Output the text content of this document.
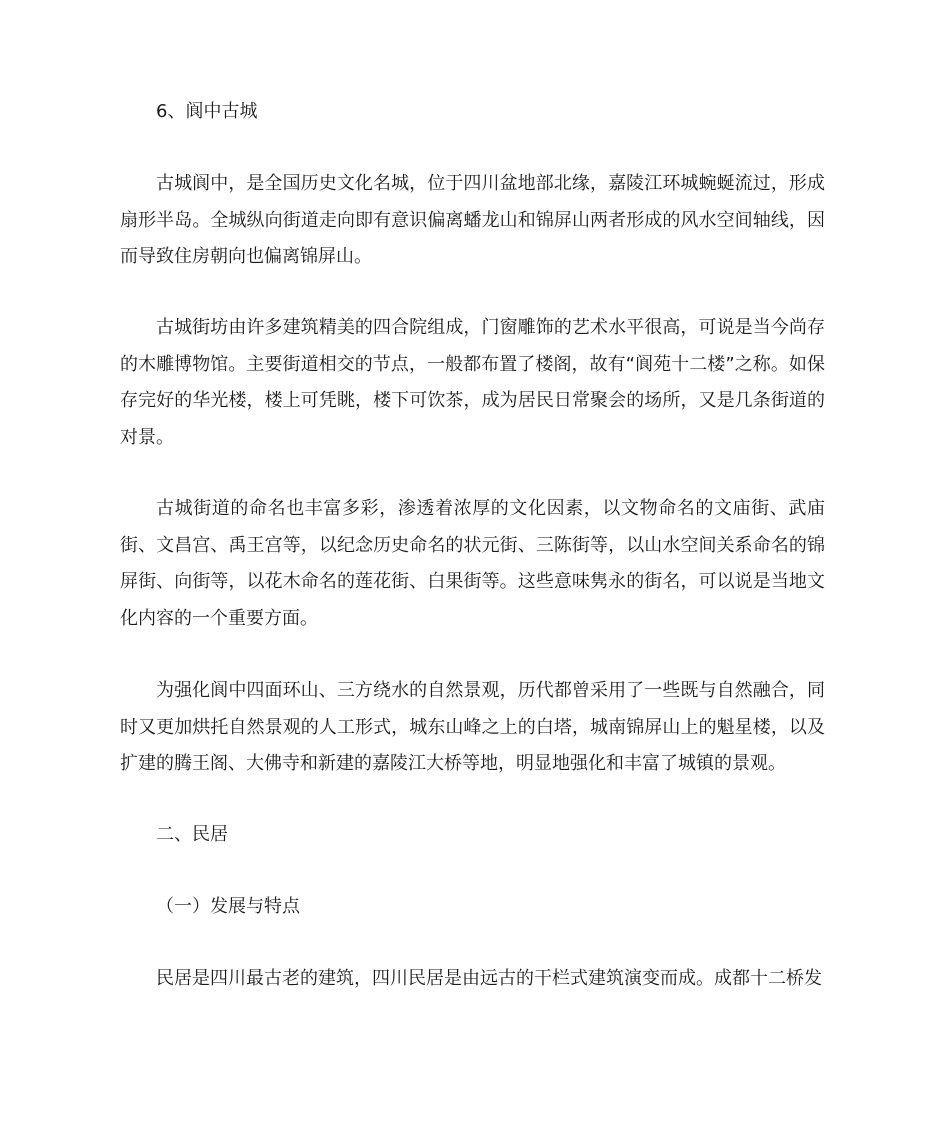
6、阆中古城

古城阆中，是全国历史文化名城，位于四川盆地部北缘，嘉陵江环城蜿蜒流过，形成扇形半岛。全城纵向街道走向即有意识偏离蟠龙山和锦屏山两者形成的风水空间轴线，因而导致住房朝向也偏离锦屏山。

古城街坊由许多建筑精美的四合院组成，门窗雕饰的艺术水平很高，可说是当今尚存的木雕博物馆。主要街道相交的节点，一般都布置了楼阁，故有“阆苑十二楼”之称。如保存完好的华光楼，楼上可凭眺，楼下可饮茶，成为居民日常聚会的场所，又是几条街道的对景。

古城街道的命名也丰富多彩，渗透着浓厚的文化因素，以文物命名的文庙街、武庙街、文昌宫、禹王宫等，以纪念历史命名的状元街、三陈街等，以山水空间关系命名的锦屏街、向街等，以花木命名的莲花街、白果街等。这些意味隽永的街名，可以说是当地文化内容的一个重要方面。

为强化阆中四面环山、三方绕水的自然景观，历代都曾采用了一些既与自然融合，同时又更加烘托自然景观的人工形式，城东山峰之上的白塔，城南锦屏山上的魁星楼，以及扩建的腾王阁、大佛寺和新建的嘉陵江大桥等地，明显地强化和丰富了城镇的景观。

二、民居

（一）发展与特点

民居是四川最古老的建筑，四川民居是由远古的干栏式建筑演变而成。成都十二桥发
